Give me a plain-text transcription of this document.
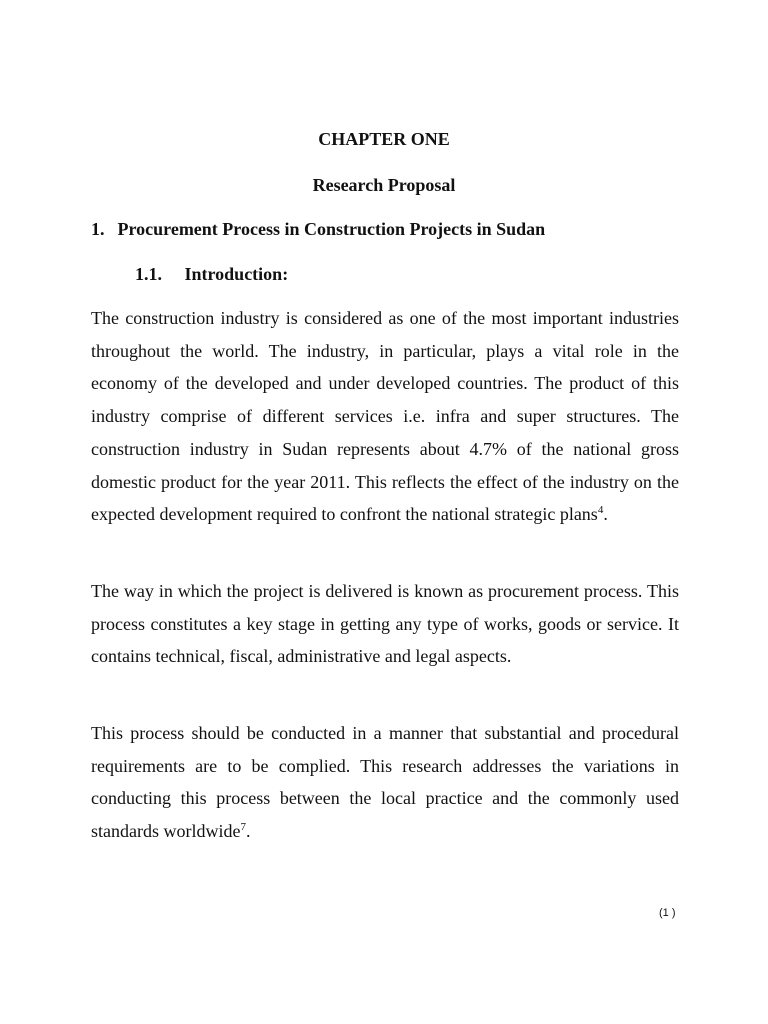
CHAPTER ONE
Research Proposal
1. Procurement Process in Construction Projects in Sudan
1.1. Introduction:

The construction industry is considered as one of the most important industries throughout the world. The industry, in particular, plays a vital role in the economy of the developed and under developed countries. The product of this industry comprise of different services i.e. infra and super structures. The construction industry in Sudan represents about 4.7% of the national gross domestic product for the year 2011. This reflects the effect of the industry on the expected development required to confront the national strategic plans$^4$.

The way in which the project is delivered is known as procurement process. This process constitutes a key stage in getting any type of works, goods or service. It contains technical, fiscal, administrative and legal aspects.

This process should be conducted in a manner that substantial and procedural requirements are to be complied. This research addresses the variations in conducting this process between the local practice and the commonly used standards worldwide$^7$.

(1 )
